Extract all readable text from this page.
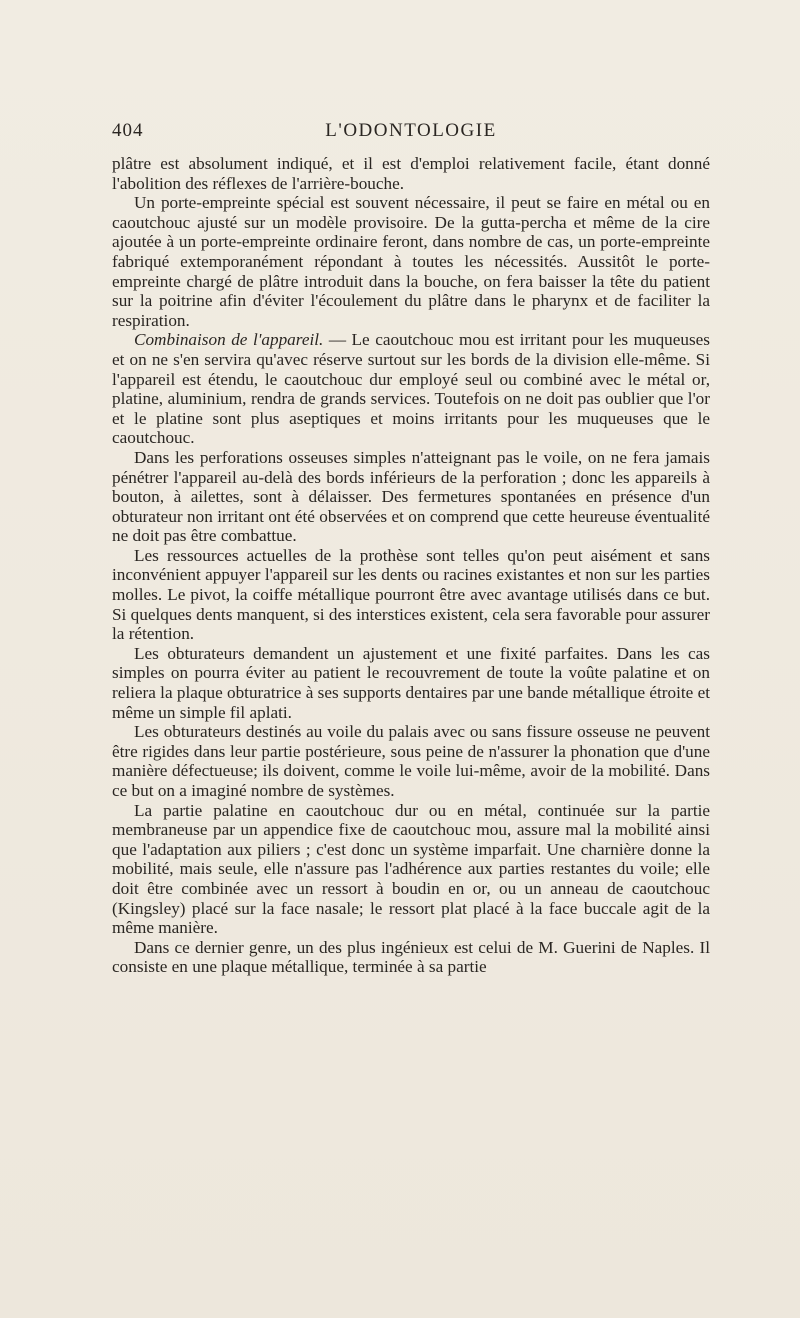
404	L'ODONTOLOGIE

plâtre est absolument indiqué, et il est d'emploi relativement facile, étant donné l'abolition des réflexes de l'arrière-bouche.

Un porte-empreinte spécial est souvent nécessaire, il peut se faire en métal ou en caoutchouc ajusté sur un modèle provisoire. De la gutta-percha et même de la cire ajoutée à un porte-empreinte ordinaire feront, dans nombre de cas, un porte-empreinte fabriqué extemporanément répondant à toutes les nécessités. Aussitôt le porte-empreinte chargé de plâtre introduit dans la bouche, on fera baisser la tête du patient sur la poitrine afin d'éviter l'écoulement du plâtre dans le pharynx et de faciliter la respiration.

Combinaison de l'appareil. — Le caoutchouc mou est irritant pour les muqueuses et on ne s'en servira qu'avec réserve surtout sur les bords de la division elle-même. Si l'appareil est étendu, le caoutchouc dur employé seul ou combiné avec le métal or, platine, aluminium, rendra de grands services. Toutefois on ne doit pas oublier que l'or et le platine sont plus aseptiques et moins irritants pour les muqueuses que le caoutchouc.

Dans les perforations osseuses simples n'atteignant pas le voile, on ne fera jamais pénétrer l'appareil au-delà des bords inférieurs de la perforation ; donc les appareils à bouton, à ailettes, sont à délaisser. Des fermetures spontanées en présence d'un obturateur non irritant ont été observées et on comprend que cette heureuse éventualité ne doit pas être combattue.

Les ressources actuelles de la prothèse sont telles qu'on peut aisément et sans inconvénient appuyer l'appareil sur les dents ou racines existantes et non sur les parties molles. Le pivot, la coiffe métallique pourront être avec avantage utilisés dans ce but. Si quelques dents manquent, si des interstices existent, cela sera favorable pour assurer la rétention.

Les obturateurs demandent un ajustement et une fixité parfaites. Dans les cas simples on pourra éviter au patient le recouvrement de toute la voûte palatine et on reliera la plaque obturatrice à ses supports dentaires par une bande métallique étroite et même un simple fil aplati.

Les obturateurs destinés au voile du palais avec ou sans fissure osseuse ne peuvent être rigides dans leur partie postérieure, sous peine de n'assurer la phonation que d'une manière défectueuse; ils doivent, comme le voile lui-même, avoir de la mobilité. Dans ce but on a imaginé nombre de systèmes.

La partie palatine en caoutchouc dur ou en métal, continuée sur la partie membraneuse par un appendice fixe de caoutchouc mou, assure mal la mobilité ainsi que l'adaptation aux piliers ; c'est donc un système imparfait. Une charnière donne la mobilité, mais seule, elle n'assure pas l'adhérence aux parties restantes du voile; elle doit être combinée avec un ressort à boudin en or, ou un anneau de caoutchouc (Kingsley) placé sur la face nasale; le ressort plat placé à la face buccale agit de la même manière.

Dans ce dernier genre, un des plus ingénieux est celui de M. Guerini de Naples. Il consiste en une plaque métallique, terminée à sa partie
